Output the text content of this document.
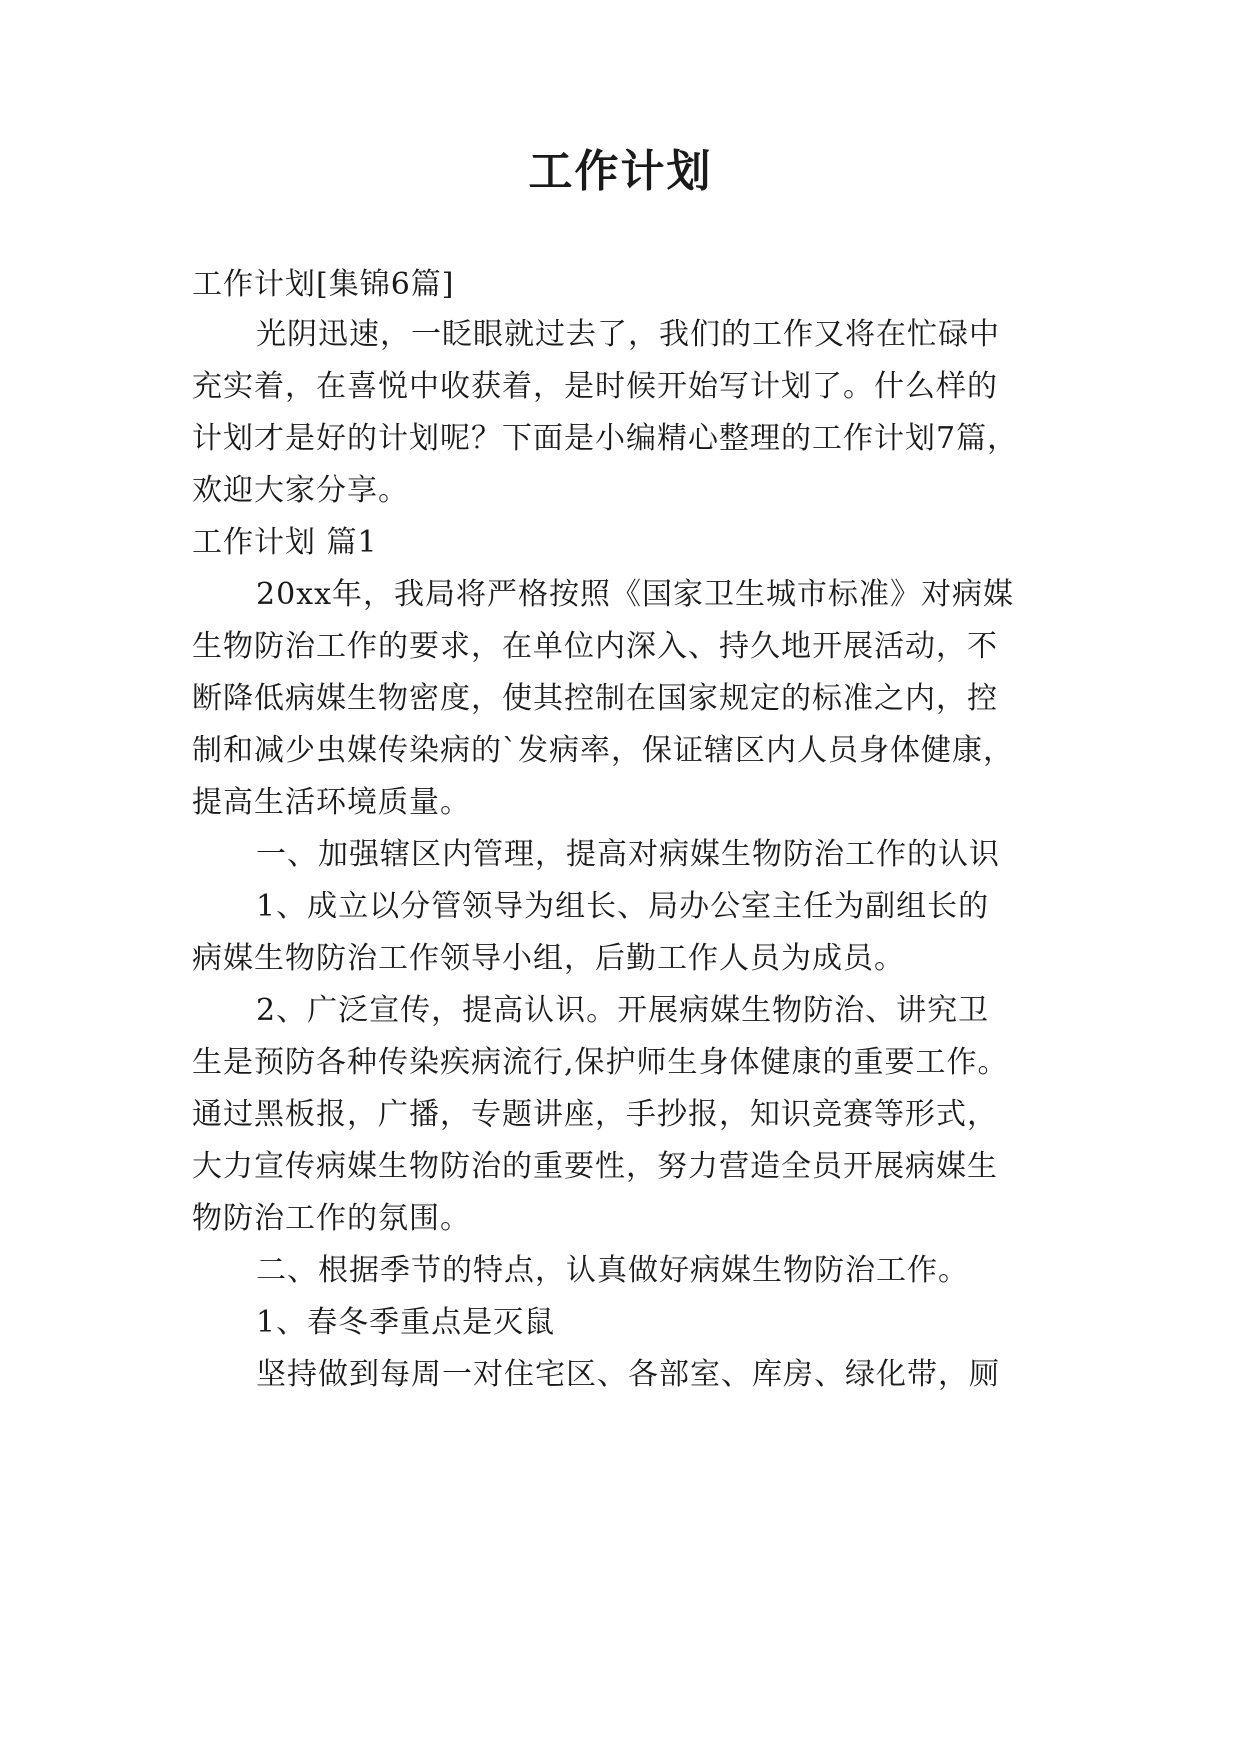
工作计划
工作计划[集锦6篇]
光阴迅速，一眨眼就过去了，我们的工作又将在忙碌中
充实着，在喜悦中收获着，是时候开始写计划了。什么样的
计划才是好的计划呢？下面是小编精心整理的工作计划7篇，
欢迎大家分享。
工作计划 篇1
20xx年，我局将严格按照《国家卫生城市标准》对病媒
生物防治工作的要求，在单位内深入、持久地开展活动，不
断降低病媒生物密度，使其控制在国家规定的标准之内，控
制和减少虫媒传染病的`发病率，保证辖区内人员身体健康，
提高生活环境质量。
一、加强辖区内管理，提高对病媒生物防治工作的认识
1、成立以分管领导为组长、局办公室主任为副组长的
病媒生物防治工作领导小组，后勤工作人员为成员。
2、广泛宣传，提高认识。开展病媒生物防治、讲究卫
生是预防各种传染疾病流行,保护师生身体健康的重要工作。
通过黑板报，广播，专题讲座，手抄报，知识竞赛等形式，
大力宣传病媒生物防治的重要性，努力营造全员开展病媒生
物防治工作的氛围。
二、根据季节的特点，认真做好病媒生物防治工作。
1、春冬季重点是灭鼠
坚持做到每周一对住宅区、各部室、库房、绿化带，厕
